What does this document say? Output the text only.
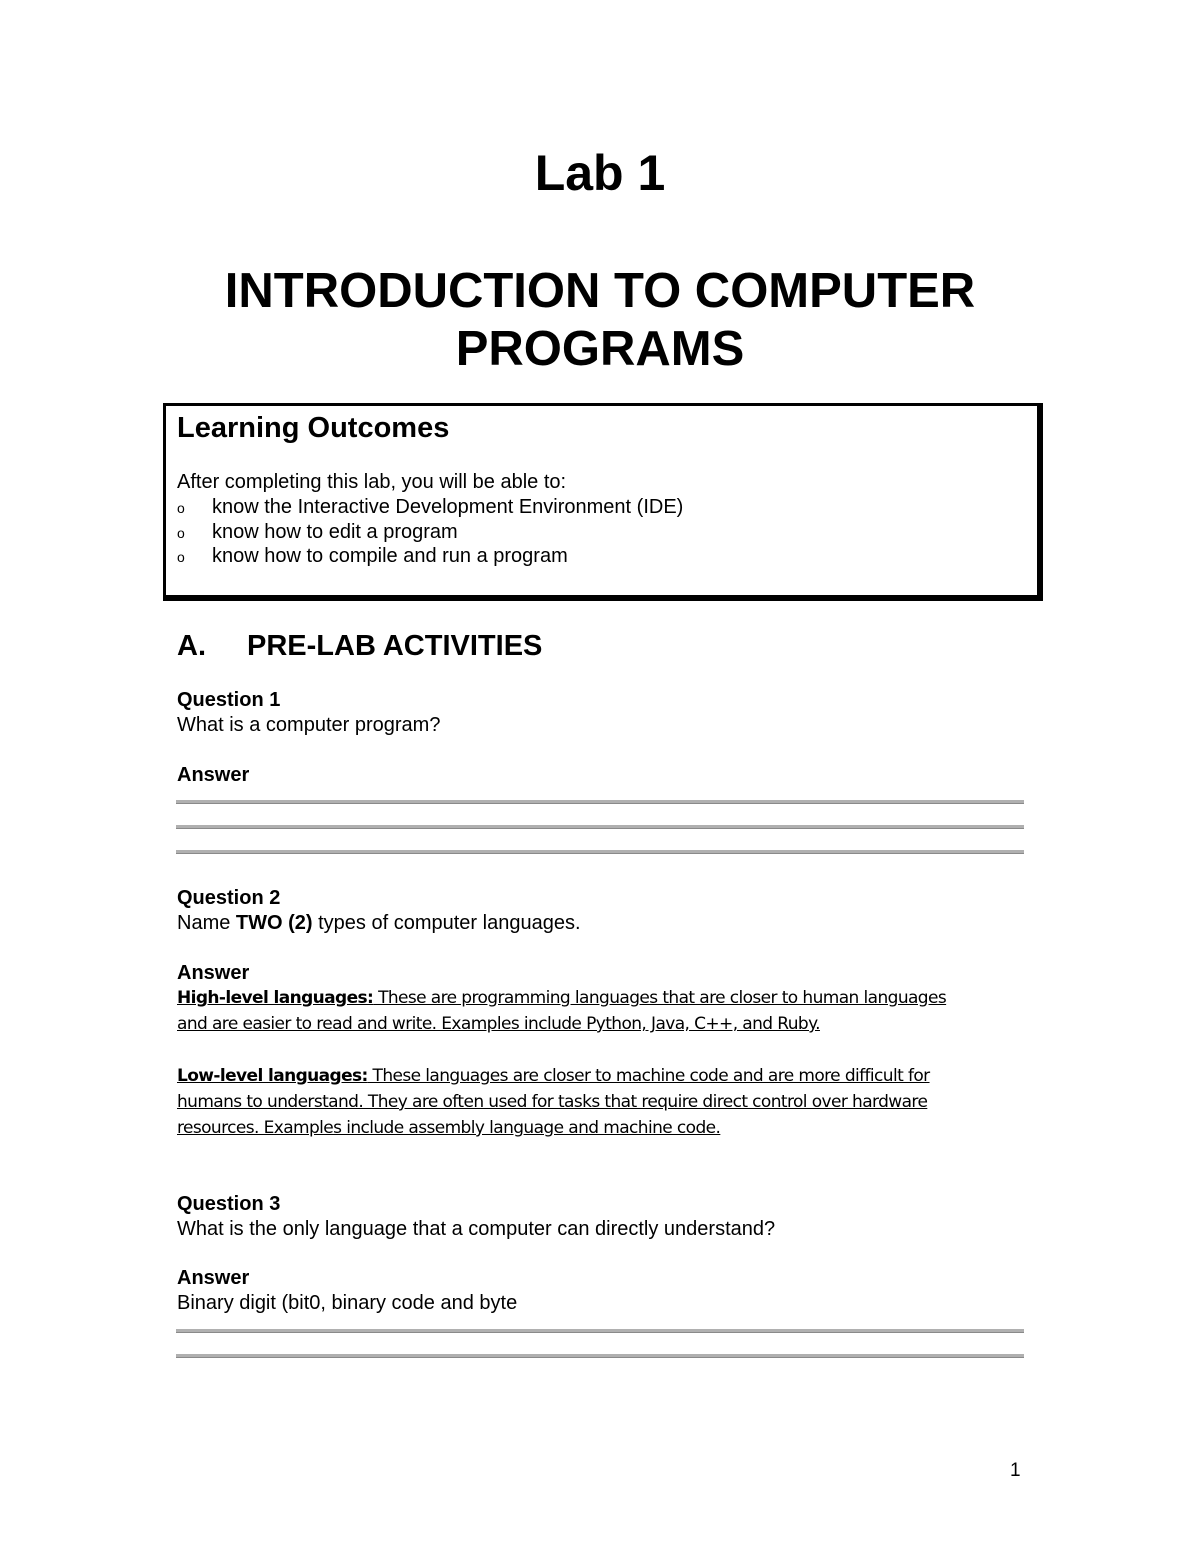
Lab 1
INTRODUCTION TO COMPUTER
PROGRAMS
Learning Outcomes
After completing this lab, you will be able to:
o know the Interactive Development Environment (IDE)
o know how to edit a program
o know how to compile and run a program
A. PRE-LAB ACTIVITIES
Question 1
What is a computer program?
Answer
Question 2
Name TWO (2) types of computer languages.
Answer
High-level languages: These are programming languages that are closer to human languages
and are easier to read and write. Examples include Python, Java, C++, and Ruby.
Low-level languages: These languages are closer to machine code and are more difficult for
humans to understand. They are often used for tasks that require direct control over hardware
resources. Examples include assembly language and machine code.
Question 3
What is the only language that a computer can directly understand?
Answer
Binary digit (bit0, binary code and byte
1
